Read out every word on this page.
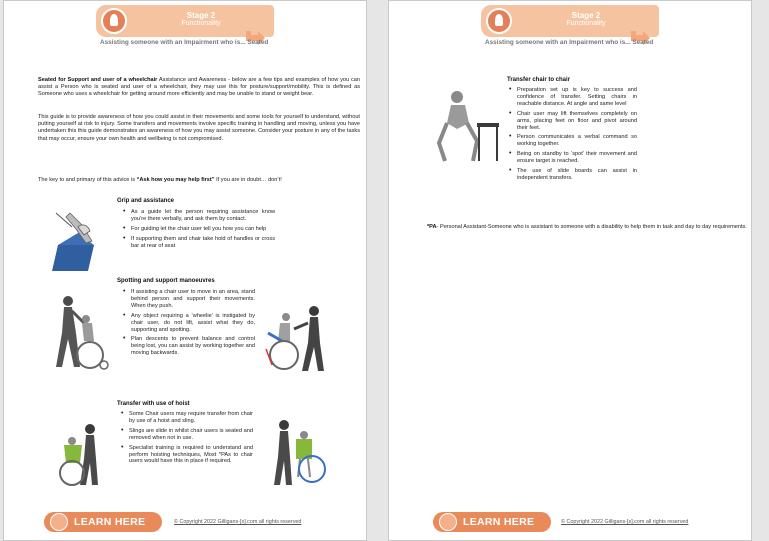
Stage 2
Functionality
Assisting someone with an Impairment who is... Seated
Seated for Support and user of a wheelchair Assistance and Awareness - below are a few tips and examples of how you can assist a Person who is seated and user of a wheelchair, they may use this for posture/support/mobility. This is defined as Someone who uses a wheelchair for getting around more efficiently and may be unable to stand or weight bear.
This guide is to provide awareness of how you could assist in their movements and some tools for yourself to understand, without putting yourself at risk to injury. Some transfers and movements involve specific training in handling and moving, unless you have undertaken this this guide demonstrates an awareness of how you may assist someone. Consider your posture in any of the tasks that may occur, ensure your own health and wellbeing is not compromised.
The key to and primary of this advice is “Ask how you may help first” If you are in doubt… don’t!
Grip and assistance
• As a guide let the person requiring assistance know you’re there verbally, and ask them by contact.
• For guiding let the chair user tell you how you can help
• If supporting them and chair take hold of handles or cross bar at rear of seat
Spotting and support manoeuvres
• If assisting a chair user to move in an area, stand behind person and support their movements. When they push.
• Any object requiring a ‘wheelie’ is instigated by chair user, do not lift, assist what they do, supporting and spotting.
• Plan descents to prevent balance and control being lost, you can assist by working together and moving backwards.
Transfer with use of hoist
• Some Chair users may require transfer from chair by use of a hoist and sling.
• Slings are slide in whilst chair users is seated and removed when not in use.
• Specialist training is required to understand and perform hoisting techniques, Most *PAs to chair users would have this in place if required.
LEARN HERE	© Copyright 2022 Gilligans-[s].com all rights reserved
Stage 2
Functionality
Assisting someone with an Impairment who is... Seated
Transfer chair to chair
• Preparation set up is key to success and confidence of transfer. Setting chairs in reachable distance. At angle and same level
• Chair user may lift themselves completely on arms, placing feet on floor and pivot around their feet.
• Person communicates a verbal command so working together.
• Being on standby to ‘spot’ their movement and ensure target is reached.
• The use of slide boards can assist in independent transfers.
*PA- Personal Assistant-Someone who is assistant to someone with a disability to help them in task and day to day requirements.
LEARN HERE	© Copyright 2022 Gilligans-[s].com all rights reserved
